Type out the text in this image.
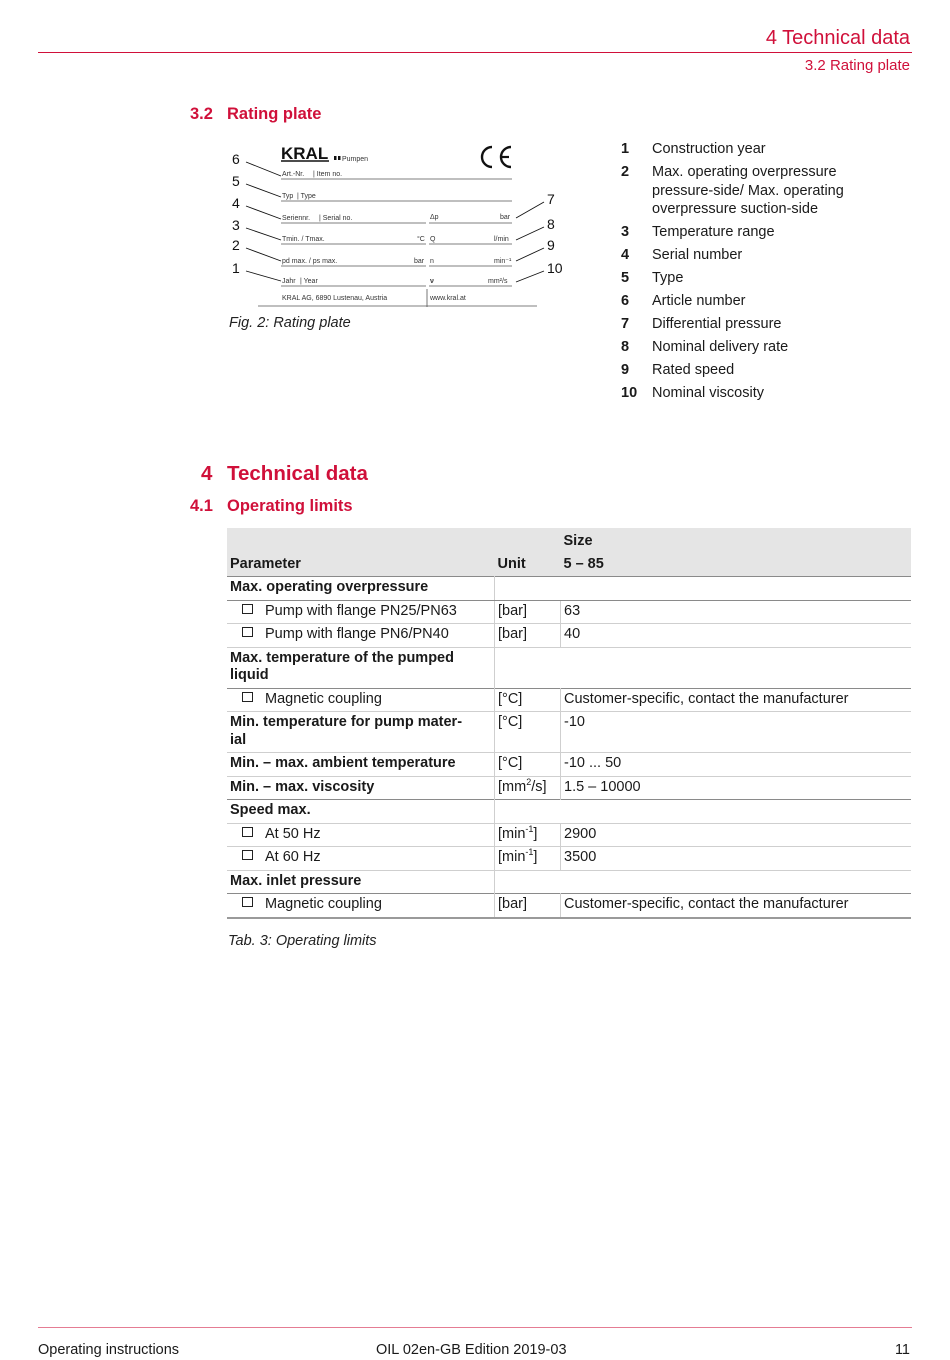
4 Technical data
3.2 Rating plate
3.2 Rating plate
KRAL Pumpen
Art.-Nr. | Item no.
Typ | Type
Seriennr. | Serial no.	Δp	bar
Tmin. / Tmax.	°C Q	l/min
pd max. / ps max.	bar n	min⁻¹
Jahr | Year	ν	mm²/s
KRAL AG, 6890 Lustenau, Austria	www.kral.at
6
5
4
3
2
1
7
8
9
10
Fig. 2: Rating plate
1 Construction year
2 Max. operating overpressure pressure-side/ Max. operating overpressure suction-side
3 Temperature range
4 Serial number
5 Type
6 Article number
7 Differential pressure
8 Nominal delivery rate
9 Rated speed
10 Nominal viscosity
4 Technical data
4.1 Operating limits
		Size
Parameter	Unit	5 – 85
Max. operating overpressure		
Pump with flange PN25/PN63	[bar]	63
Pump with flange PN6/PN40	[bar]	40
Max. temperature of the pumped liquid		
Magnetic coupling	[°C]	Customer-specific, contact the manufacturer
Min. temperature for pump mater-ial	[°C]	-10
Min. – max. ambient temperature	[°C]	-10 ... 50
Min. – max. viscosity	$[mm^2/s]$	1.5 – 10000
Speed max.		
At 50 Hz	$[\min^{-1}]$	2900
At 60 Hz	$[\min^{-1}]$	3500
Max. inlet pressure		
Magnetic coupling	[bar]	Customer-specific, contact the manufacturer
Tab. 3: Operating limits
Operating instructions	OIL 02en-GB Edition 2019-03	11
